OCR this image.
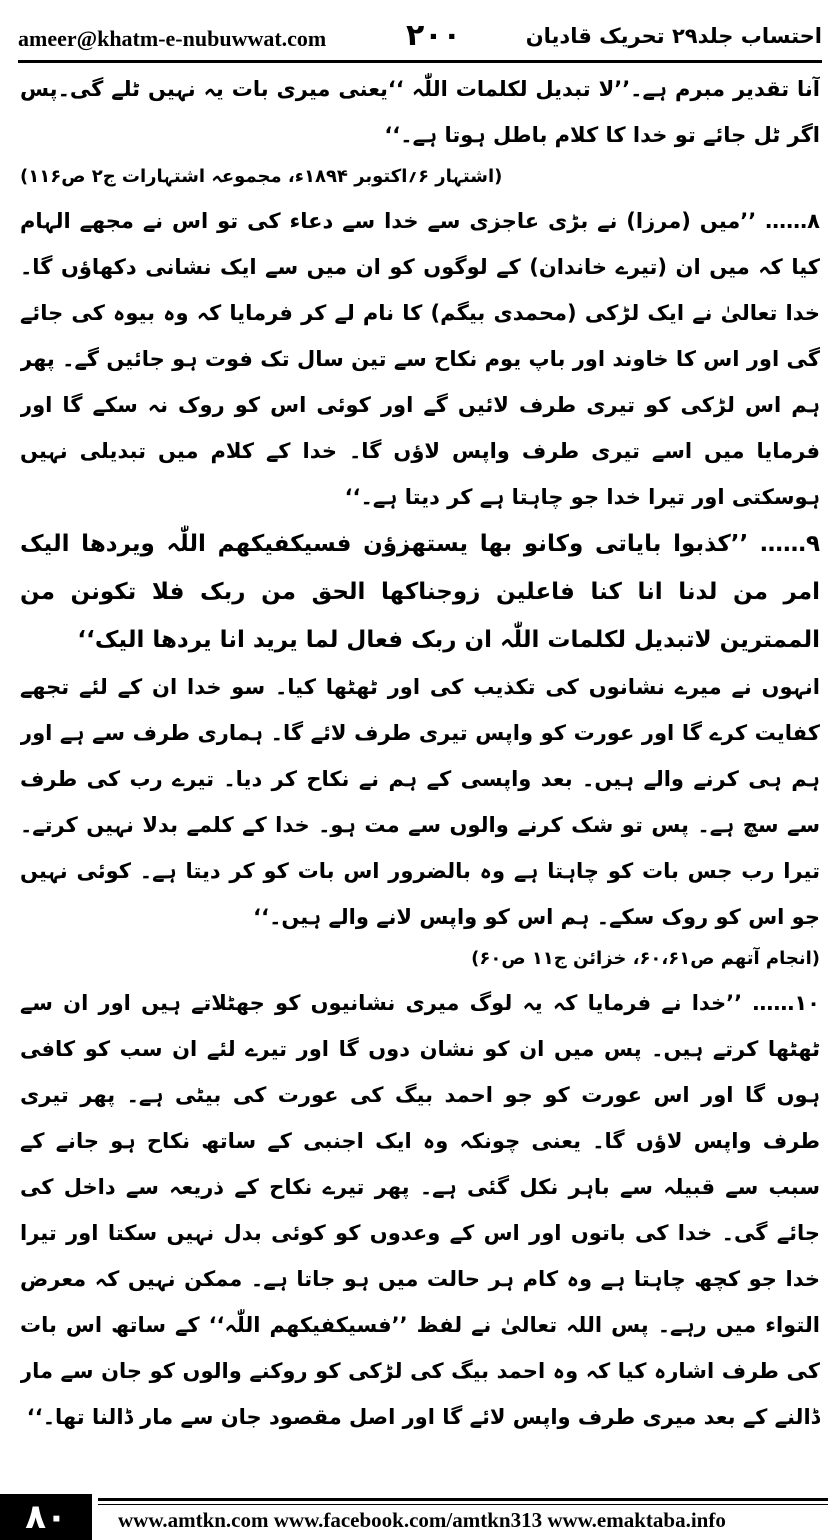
ameer@khatm-e-nubuwwat.com	۲۰۰	احتساب جلد۲۹ تحریک قادیان

آنا تقدیر مبرم ہے۔’’لا تبدیل لکلمات اللّٰہ ‘‘یعنی میری بات یہ نہیں ٹلے گی۔پس اگر ٹل جائے تو خدا کا کلام باطل ہوتا ہے۔‘‘

(اشتہار ۶؍اکتوبر ۱۸۹۴ء، مجموعہ اشتہارات ج۲ ص۱۱۶)

۸…… ’’میں (مرزا) نے بڑی عاجزی سے خدا سے دعاء کی تو اس نے مجھے الہام کیا کہ میں ان (تیرے خاندان) کے لوگوں کو ان میں سے ایک نشانی دکھاؤں گا۔ خدا تعالیٰ نے ایک لڑکی (محمدی بیگم) کا نام لے کر فرمایا کہ وہ بیوہ کی جائے گی اور اس کا خاوند اور باپ یوم نکاح سے تین سال تک فوت ہو جائیں گے۔ پھر ہم اس لڑکی کو تیری طرف لائیں گے اور کوئی اس کو روک نہ سکے گا اور فرمایا میں اسے تیری طرف واپس لاؤں گا۔ خدا کے کلام میں تبدیلی نہیں ہوسکتی اور تیرا خدا جو چاہتا ہے کر دیتا ہے۔‘‘

۹…… ’’کذبوا بایاتی وکانو بھا یستھزؤن فسیکفیکھم اللّٰہ ویردھا الیک امر من لدنا انا کنا فاعلین زوجناکھا الحق من ربک فلا تکونن من الممترین لاتبدیل لکلمات اللّٰہ ان ربک فعال لما یرید انا یردھا الیک‘‘

انہوں نے میرے نشانوں کی تکذیب کی اور ٹھٹھا کیا۔ سو خدا ان کے لئے تجھے کفایت کرے گا اور عورت کو واپس تیری طرف لائے گا۔ ہماری طرف سے ہے اور ہم ہی کرنے والے ہیں۔ بعد واپسی کے ہم نے نکاح کر دیا۔ تیرے رب کی طرف سے سچ ہے۔ پس تو شک کرنے والوں سے مت ہو۔ خدا کے کلمے بدلا نہیں کرتے۔ تیرا رب جس بات کو چاہتا ہے وہ بالضرور اس بات کو کر دیتا ہے۔ کوئی نہیں جو اس کو روک سکے۔ ہم اس کو واپس لانے والے ہیں۔‘‘

(انجام آتھم ص۶۰،۶۱، خزائن ج۱۱ ص۶۰)

۱۰…… ’’خدا نے فرمایا کہ یہ لوگ میری نشانیوں کو جھٹلاتے ہیں اور ان سے ٹھٹھا کرتے ہیں۔ پس میں ان کو نشان دوں گا اور تیرے لئے ان سب کو کافی ہوں گا اور اس عورت کو جو احمد بیگ کی عورت کی بیٹی ہے۔ پھر تیری طرف واپس لاؤں گا۔ یعنی چونکہ وہ ایک اجنبی کے ساتھ نکاح ہو جانے کے سبب سے قبیلہ سے باہر نکل گئی ہے۔ پھر تیرے نکاح کے ذریعہ سے داخل کی جائے گی۔ خدا کی باتوں اور اس کے وعدوں کو کوئی بدل نہیں سکتا اور تیرا خدا جو کچھ چاہتا ہے وہ کام ہر حالت میں ہو جاتا ہے۔ ممکن نہیں کہ معرض التواء میں رہے۔ پس اللہ تعالیٰ نے لفظ ’’فسیکفیکھم اللّٰہ‘‘ کے ساتھ اس بات کی طرف اشارہ کیا کہ وہ احمد بیگ کی لڑکی کو روکنے والوں کو جان سے مار ڈالنے کے بعد میری طرف واپس لائے گا اور اصل مقصود جان سے مار ڈالنا تھا۔‘‘

۸۰	www.amtkn.com www.facebook.com/amtkn313 www.emaktaba.info
